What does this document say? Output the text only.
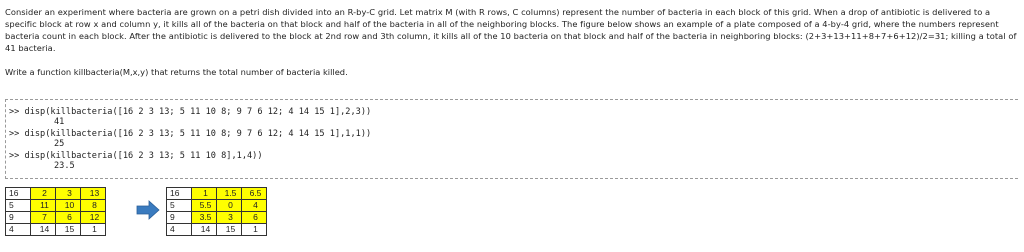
Consider an experiment where bacteria are grown on a petri dish divided into an R-by-C grid. Let matrix M (with R rows, C columns) represent the number of bacteria in each block of this grid. When a drop of antibiotic is delivered to a specific block at row x and column y, it kills all of the bacteria on that block and half of the bacteria in all of the neighboring blocks. The figure below shows an example of a plate composed of a 4-by-4 grid, where the numbers represent bacteria count in each block. After the antibiotic is delivered to the block at 2nd row and 3th column, it kills all of the 10 bacteria on that block and half of the bacteria in neighboring blocks: (2+3+13+11+8+7+6+12)/2=31; killing a total of 41 bacteria.
Write a function killbacteria(M,x,y) that returns the total number of bacteria killed.
>> disp(killbacteria([16 2 3 13; 5 11 10 8; 9 7 6 12; 4 14 15 1],2,3))
41
>> disp(killbacteria([16 2 3 13; 5 11 10 8; 9 7 6 12; 4 14 15 1],1,1))
25
>> disp(killbacteria([16 2 3 13; 5 11 10 8],1,4))
23.5
16	2	3	13
5	11	10	8
9	7	6	12
4	14	15	1
16	1	1.5	6.5
5	5.5	0	4
9	3.5	3	6
4	14	15	1
